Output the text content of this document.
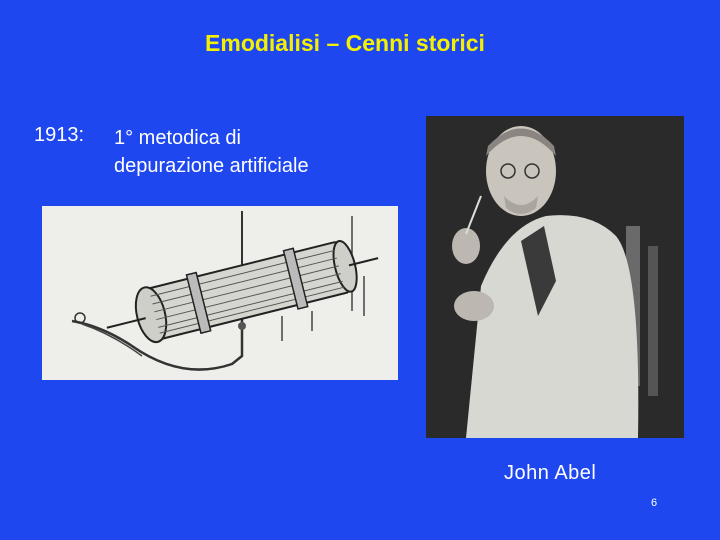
Emodialisi – Cenni storici
1913: 1° metodica di
depurazione artificiale
John Abel
6
